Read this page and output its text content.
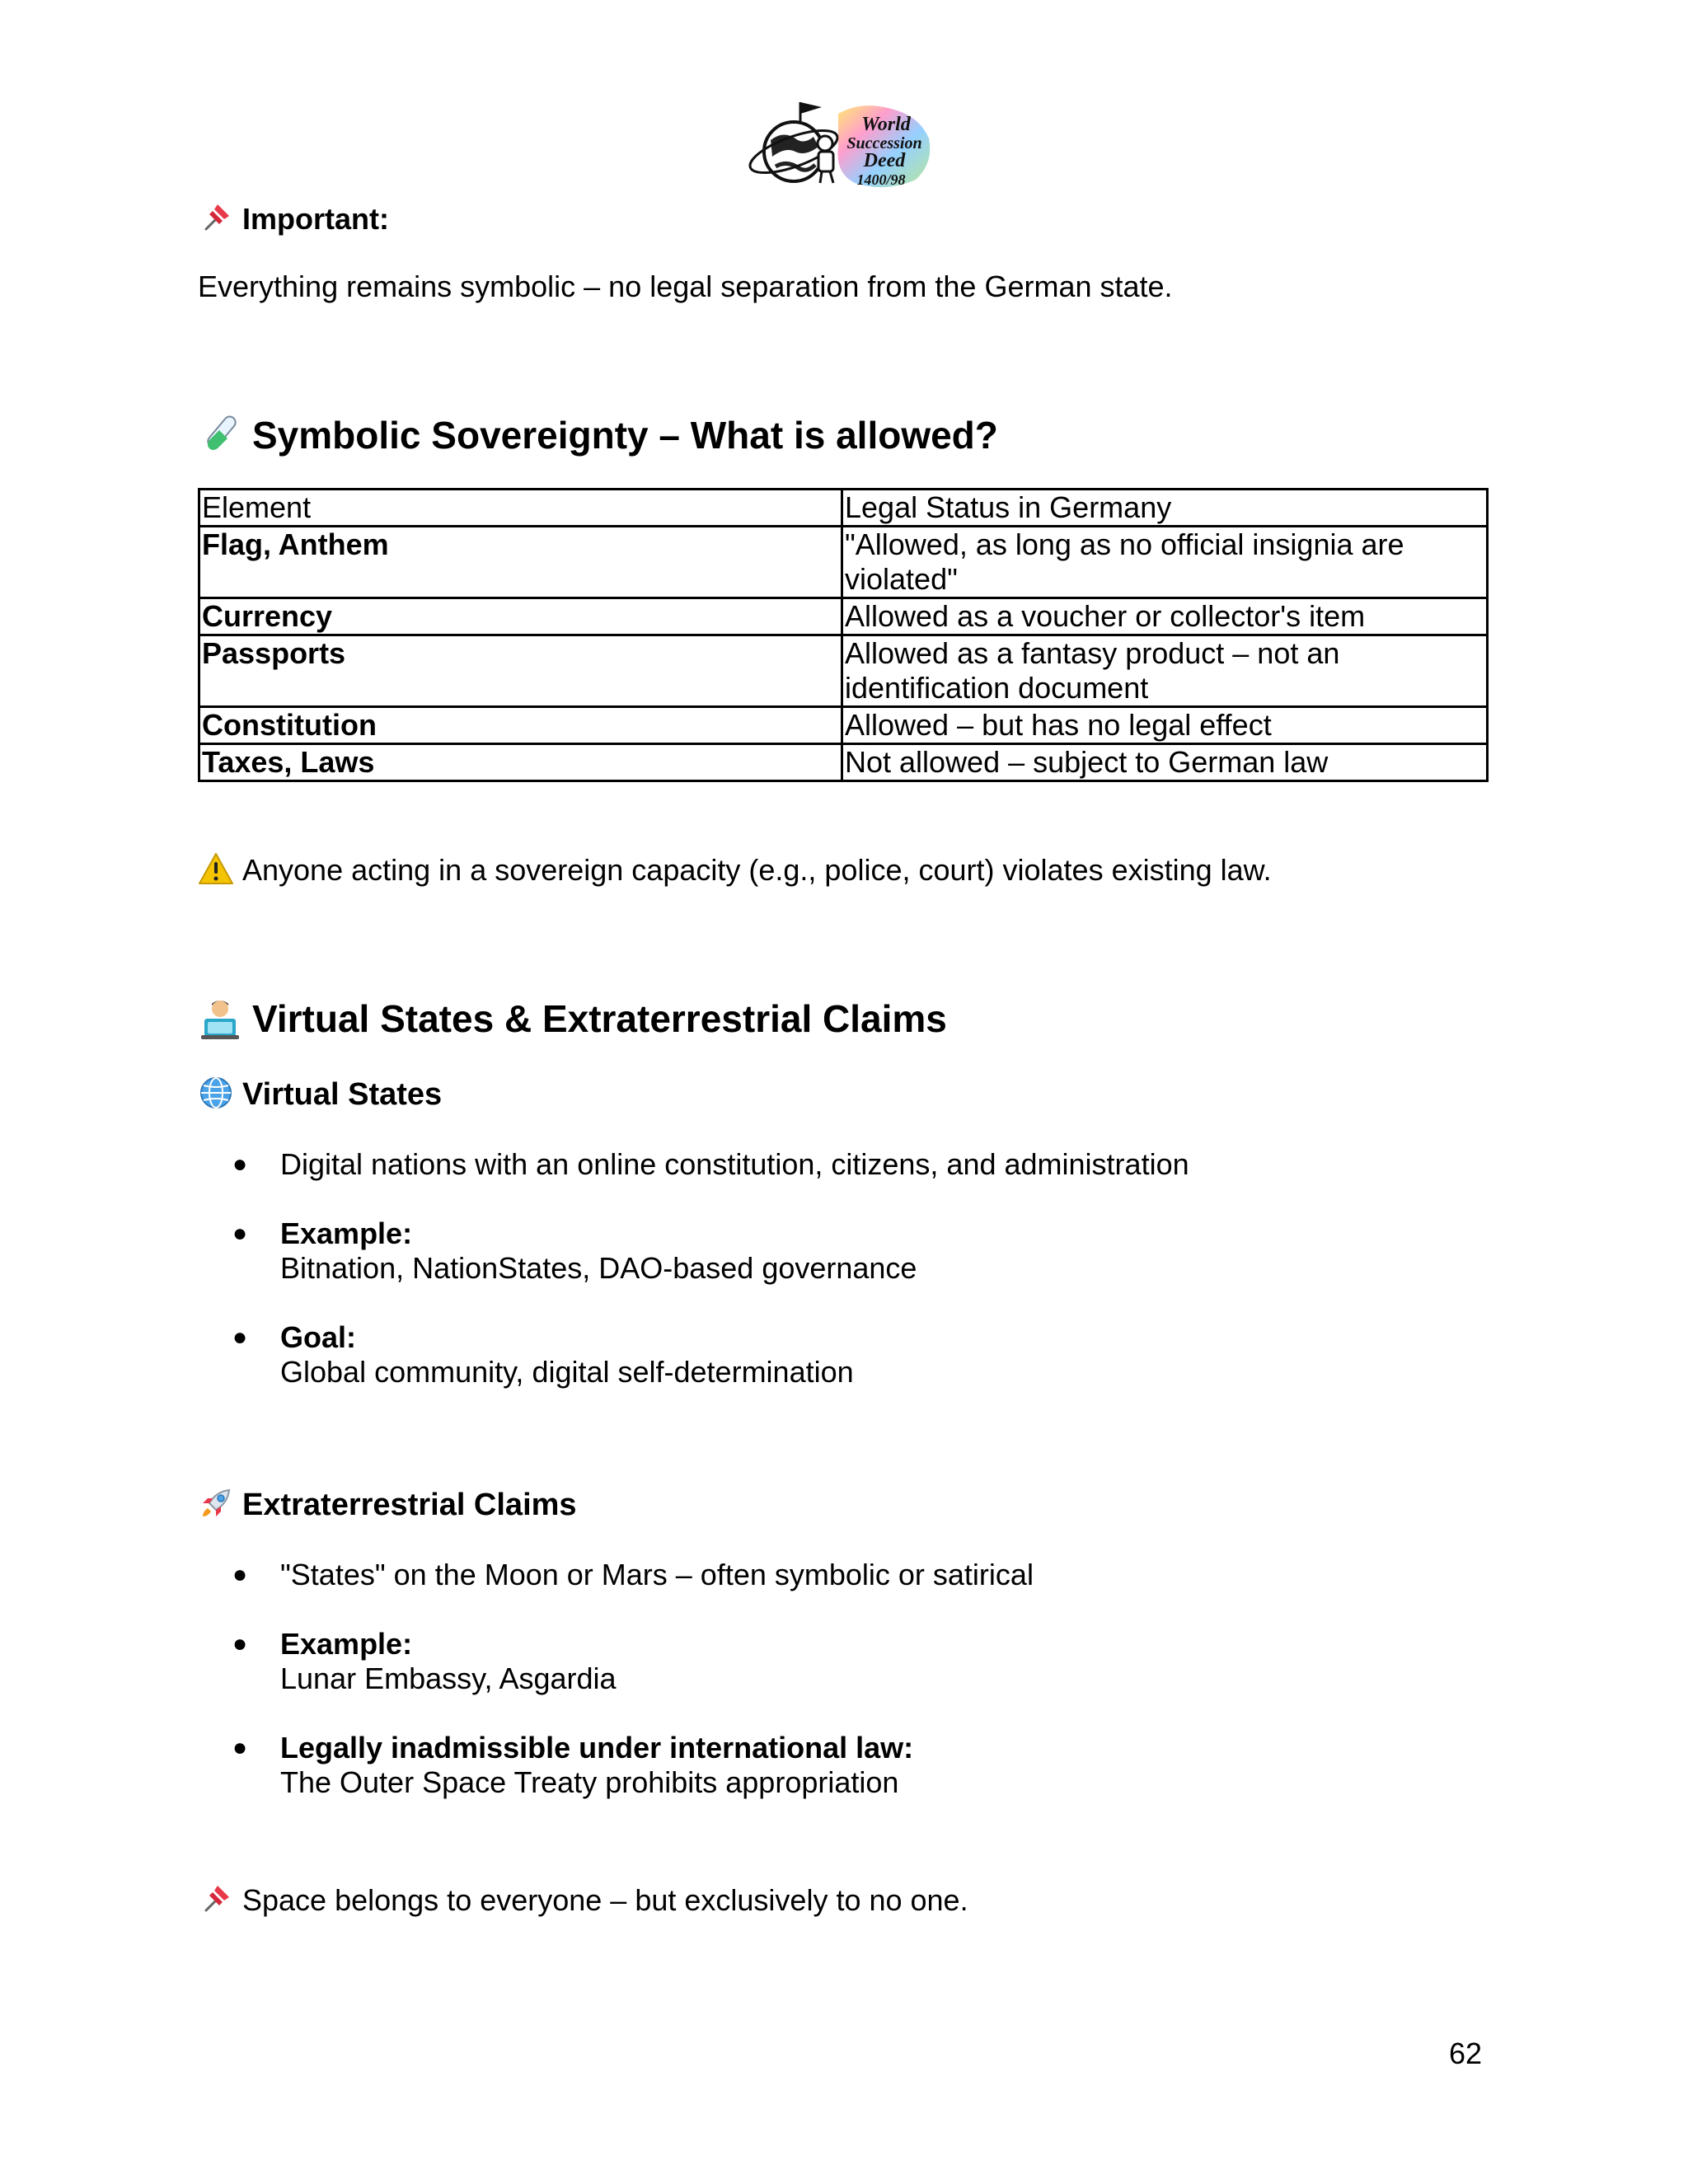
World
Succession
Deed
1400/98
Important:
Everything remains symbolic – no legal separation from the German state.
Symbolic Sovereignty – What is allowed?
Element	Legal Status in Germany
Flag, Anthem	"Allowed, as long as no official insignia are violated"
Currency	Allowed as a voucher or collector's item
Passports	Allowed as a fantasy product – not an identification document
Constitution	Allowed – but has no legal effect
Taxes, Laws	Not allowed – subject to German law
Anyone acting in a sovereign capacity (e.g., police, court) violates existing law.
Virtual States & Extraterrestrial Claims
Virtual States
● Digital nations with an online constitution, citizens, and administration
● Example:
Bitnation, NationStates, DAO-based governance
● Goal:
Global community, digital self-determination
Extraterrestrial Claims
● "States" on the Moon or Mars – often symbolic or satirical
● Example:
Lunar Embassy, Asgardia
● Legally inadmissible under international law:
The Outer Space Treaty prohibits appropriation
Space belongs to everyone – but exclusively to no one.
62
